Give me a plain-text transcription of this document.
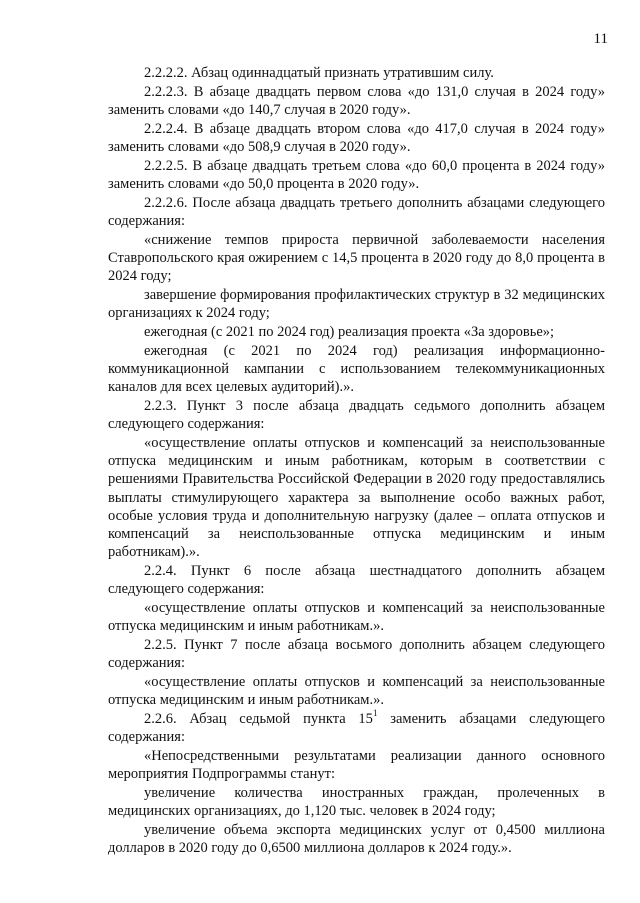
11

2.2.2.2. Абзац одиннадцатый признать утратившим силу.

2.2.2.3. В абзаце двадцать первом слова «до 131,0 случая в 2024 году» заменить словами «до 140,7 случая в 2020 году».

2.2.2.4. В абзаце двадцать втором слова «до 417,0 случая в 2024 году» заменить словами «до 508,9 случая в 2020 году».

2.2.2.5. В абзаце двадцать третьем слова «до 60,0 процента в 2024 году» заменить словами «до 50,0 процента в 2020 году».

2.2.2.6. После абзаца двадцать третьего дополнить абзацами следующего содержания:

«снижение темпов прироста первичной заболеваемости населения Ставропольского края ожирением с 14,5 процента в 2020 году до 8,0 процента в 2024 году;

завершение формирования профилактических структур в 32 медицинских организациях к 2024 году;

ежегодная (с 2021 по 2024 год) реализация проекта «За здоровье»;

ежегодная (с 2021 по 2024 год) реализация информационно-коммуникационной кампании с использованием телекоммуникационных каналов для всех целевых аудиторий).».

2.2.3. Пункт 3 после абзаца двадцать седьмого дополнить абзацем следующего содержания:

«осуществление оплаты отпусков и компенсаций за неиспользованные отпуска медицинским и иным работникам, которым в соответствии с решениями Правительства Российской Федерации в 2020 году предоставлялись выплаты стимулирующего характера за выполнение особо важных работ, особые условия труда и дополнительную нагрузку (далее – оплата отпусков и компенсаций за неиспользованные отпуска медицинским и иным работникам).».

2.2.4. Пункт 6 после абзаца шестнадцатого дополнить абзацем следующего содержания:

«осуществление оплаты отпусков и компенсаций за неиспользованные отпуска медицинским и иным работникам.».

2.2.5. Пункт 7 после абзаца восьмого дополнить абзацем следующего содержания:

«осуществление оплаты отпусков и компенсаций за неиспользованные отпуска медицинским и иным работникам.».

2.2.6. Абзац седьмой пункта $15^1$ заменить абзацами следующего содержания:

«Непосредственными результатами реализации данного основного мероприятия Подпрограммы станут:

увеличение количества иностранных граждан, пролеченных в медицинских организациях, до 1,120 тыс. человек в 2024 году;

увеличение объема экспорта медицинских услуг от 0,4500 миллиона долларов в 2020 году до 0,6500 миллиона долларов к 2024 году.».
